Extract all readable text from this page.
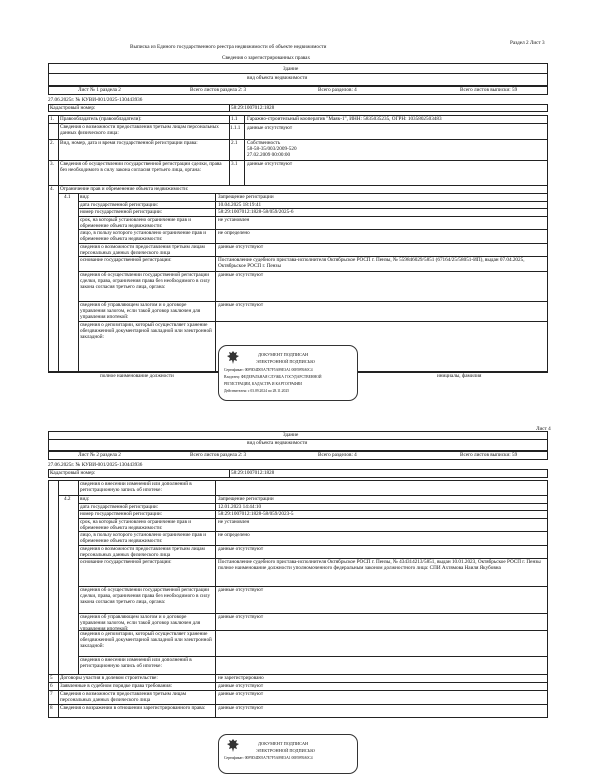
Выписка из Единого государственного реестра недвижимости об объекте недвижимости
Раздел 2 Лист 3
Сведения о зарегистрированных правах
Здание
вид объекта недвижимости
Лист № 1 раздела 2	Всего листов раздела 2: 3	Всего разделов: 4	Всего листов выписки: 59
27.06.2025г. № КУВИ-001/2025-130443936
Кадастровый номер:	58:29:1007012:1828
1. Правообладатель (правообладатели):	1.1 Гаражно-строительный кооператив "Маяк-1", ИНН: 5835035235, ОГРН: 1035802503483
Сведения о возможности предоставления третьим лицам персональных данных физического лица:
1.1.1 данные отсутствуют
2. Вид, номер, дата и время государственной регистрации права:	2.1 Собственность
58-58-35/003/2009-520
27.02.2009 00:00:00
3. Сведения об осуществлении государственной регистрации сделки, права без необходимого в силу закона согласия третьего лица, органа:
3.1 данные отсутствуют
4. Ограничение прав и обременение объекта недвижимости:
4.1 вид:	Запрещение регистрации
дата государственной регистрации:	10.04.2025 18:19:41
номер государственной регистрации:	58:29:1007012:1828-58/059/2025-6
срок, на который установлено ограничение прав и обременение объекта недвижимости:
не установлен
лицо, в пользу которого установлено ограничение прав и обременение объекта недвижимости:
не определено
сведения о возможности предоставления третьим лицам персональных данных физического лица
данные отсутствуют
основание государственной регистрации:	Постановление судебного пристава-исполнителя Октябрьское РОСП г. Пензы, № 559846029/5851 (67164/25/58051-ИП), выдан 07.04.2025, Октябрьское РОСП г. Пензы
сведения об осуществлении государственной регистрации сделки, права, ограничения права без необходимого в силу закона согласия третьего лица, органа:
данные отсутствуют
сведения об управляющем залогом и о договоре управления залогом, если такой договор заключен для управления ипотекой:
данные отсутствуют
сведения о депозитарии, который осуществляет хранение обездвиженной документарной закладной или электронной закладной:
ДОКУМЕНТ ПОДПИСАН
ЭЛЕКТРОННОЙ ПОДПИСЬЮ
Сертификат: 00F9D4D05A7E7F5A89E3A1 00E9FBA0C4
Владелец: ФЕДЕРАЛЬНАЯ СЛУЖБА ГОСУДАРСТВЕННОЙ
РЕГИСТРАЦИИ, КАДАСТРА И КАРТОГРАФИИ
Действителен: с 03.09.2024 по 28.11.2025
полное наименование должности	инициалы, фамилия
Лист 4
Здание
вид объекта недвижимости
Лист № 2 раздела 2	Всего листов раздела 2: 3	Всего разделов: 4	Всего листов выписки: 59
27.06.2025г. № КУВИ-001/2025-130443936
Кадастровый номер:	58:29:1007012:1828
сведения о внесении изменений или дополнений в регистрационную запись об ипотеке:
4.2 вид:	Запрещение регистрации
дата государственной регистрации:	12.01.2023 14:44:10
номер государственной регистрации:	58:29:1007012:1828-58/059/2023-5
срок, на который установлено ограничение прав и обременение объекта недвижимости:
не установлен
лицо, в пользу которого установлено ограничение прав и обременение объекта недвижимости:
не определено
сведения о возможности предоставления третьим лицам персональных данных физического лица
данные отсутствуют
основание государственной регистрации:	Постановление судебного пристава-исполнителя Октябрьское РОСП г. Пензы, № 434314213/5851, выдан 10.01.2023, Октябрьское РОСП г. Пензы полное наименование должности уполномоченного федеральным законом должностного лица: СПИ Ахтямова Наиля Якубовна
сведения об осуществлении государственной регистрации сделки, права, ограничения права без необходимого в силу закона согласия третьего лица, органа:
данные отсутствуют
сведения об управляющем залогом и о договоре управления залогом, если такой договор заключен для управления ипотекой:
данные отсутствуют
сведения о депозитарии, который осуществляет хранение обездвиженной документарной закладной или электронной закладной:
сведения о внесении изменений или дополнений в регистрационную запись об ипотеке:
5 Договоры участия в долевом строительстве:	не зарегистрировано
6 Заявленные в судебном порядке права требования:	данные отсутствуют
7 Сведения о возможности предоставления третьим лицам персональных данных физического лица
данные отсутствуют
8 Сведения о возражении в отношении зарегистрированного права:	данные отсутствуют
ДОКУМЕНТ ПОДПИСАН
ЭЛЕКТРОННОЙ ПОДПИСЬЮ
Сертификат: 00F9D4D05A7E7F5A89E3A1 00E9FBA0C4
